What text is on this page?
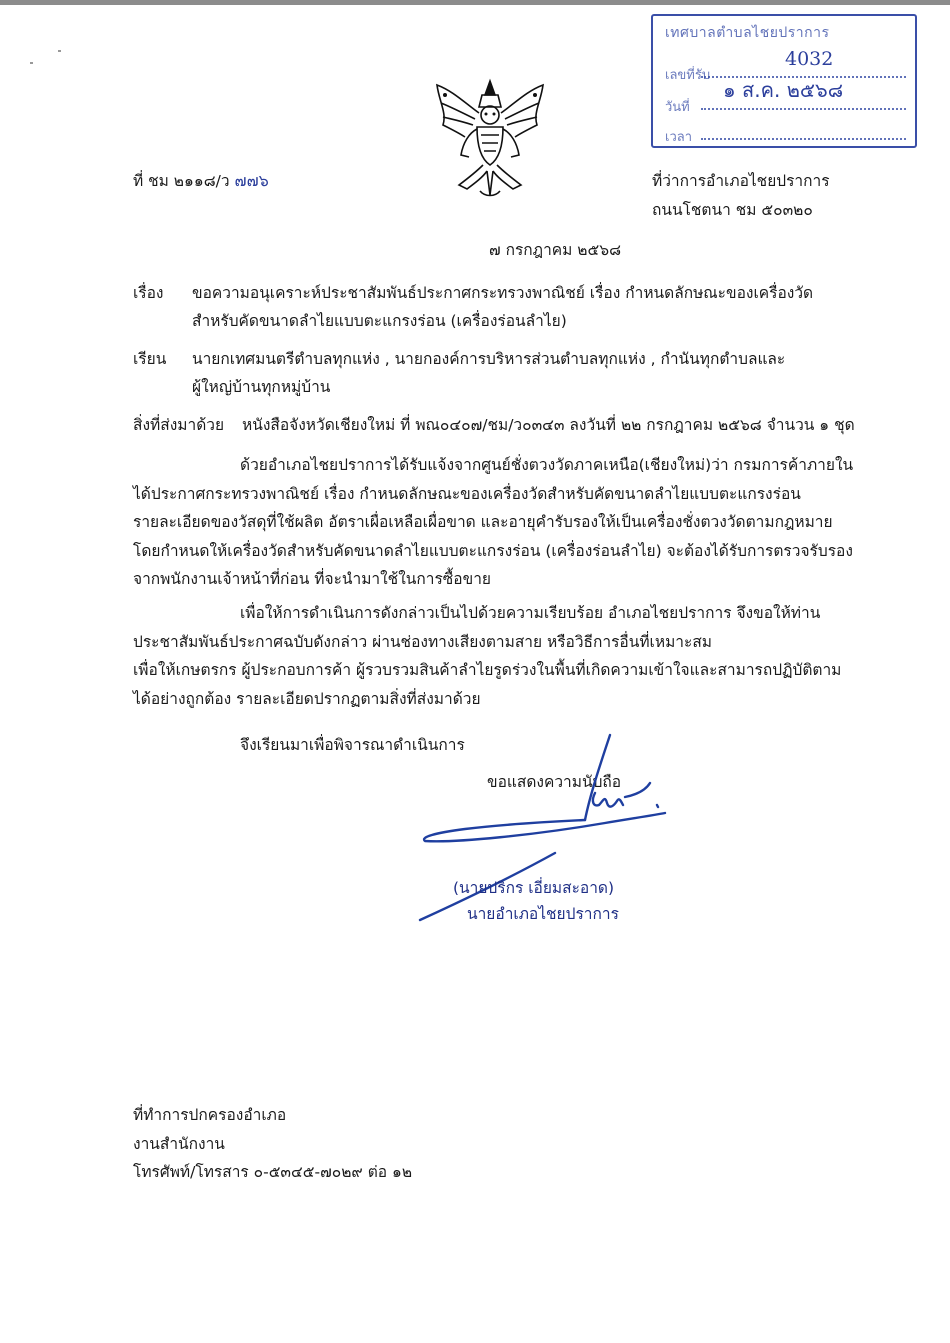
เทศบาลตำบลไชยปราการ
เลขที่รับ
4032
วันที่
๑ ส.ค. ๒๕๖๘
เวลา
ที่ ชม ๒๑๑๘/ว ๗๗๖	ที่ว่าการอำเภอไชยปราการ
ถนนโชตนา ชม ๕๐๓๒๐
๗ กรกฎาคม ๒๕๖๘
เรื่อง ขอความอนุเคราะห์ประชาสัมพันธ์ประกาศกระทรวงพาณิชย์ เรื่อง กำหนดลักษณะของเครื่องวัด
สำหรับคัดขนาดลำไยแบบตะแกรงร่อน (เครื่องร่อนลำไย)
เรียน นายกเทศมนตรีตำบลทุกแห่ง , นายกองค์การบริหารส่วนตำบลทุกแห่ง , กำนันทุกตำบลและ
ผู้ใหญ่บ้านทุกหมู่บ้าน
สิ่งที่ส่งมาด้วย หนังสือจังหวัดเชียงใหม่ ที่ พณ๐๔๐๗/ชม/ว๐๓๔๓ ลงวันที่ ๒๒ กรกฎาคม ๒๕๖๘ จำนวน ๑ ชุด
ด้วยอำเภอไชยปราการได้รับแจ้งจากศูนย์ชั่งตวงวัดภาคเหนือ(เชียงใหม่)ว่า กรมการค้าภายใน
ได้ประกาศกระทรวงพาณิชย์ เรื่อง กำหนดลักษณะของเครื่องวัดสำหรับคัดขนาดลำไยแบบตะแกรงร่อน
รายละเอียดของวัสดุที่ใช้ผลิต อัตราเผื่อเหลือเผื่อขาด และอายุคำรับรองให้เป็นเครื่องชั่งตวงวัดตามกฎหมาย
โดยกำหนดให้เครื่องวัดสำหรับคัดขนาดลำไยแบบตะแกรงร่อน (เครื่องร่อนลำไย) จะต้องได้รับการตรวจรับรอง
จากพนักงานเจ้าหน้าที่ก่อน ที่จะนำมาใช้ในการซื้อขาย
เพื่อให้การดำเนินการดังกล่าวเป็นไปด้วยความเรียบร้อย อำเภอไชยปราการ จึงขอให้ท่าน
ประชาสัมพันธ์ประกาศฉบับดังกล่าว ผ่านช่องทางเสียงตามสาย หรือวิธีการอื่นที่เหมาะสม
เพื่อให้เกษตรกร ผู้ประกอบการค้า ผู้รวบรวมสินค้าลำไยรูดร่วงในพื้นที่เกิดความเข้าใจและสามารถปฏิบัติตาม
ได้อย่างถูกต้อง รายละเอียดปรากฏตามสิ่งที่ส่งมาด้วย
จึงเรียนมาเพื่อพิจารณาดำเนินการ
ขอแสดงความนับถือ
(นายปริกร เอี่ยมสะอาด)
นายอำเภอไชยปราการ
ที่ทำการปกครองอำเภอ
งานสำนักงาน
โทรศัพท์/โทรสาร ๐-๕๓๔๕-๗๐๒๙ ต่อ ๑๒
